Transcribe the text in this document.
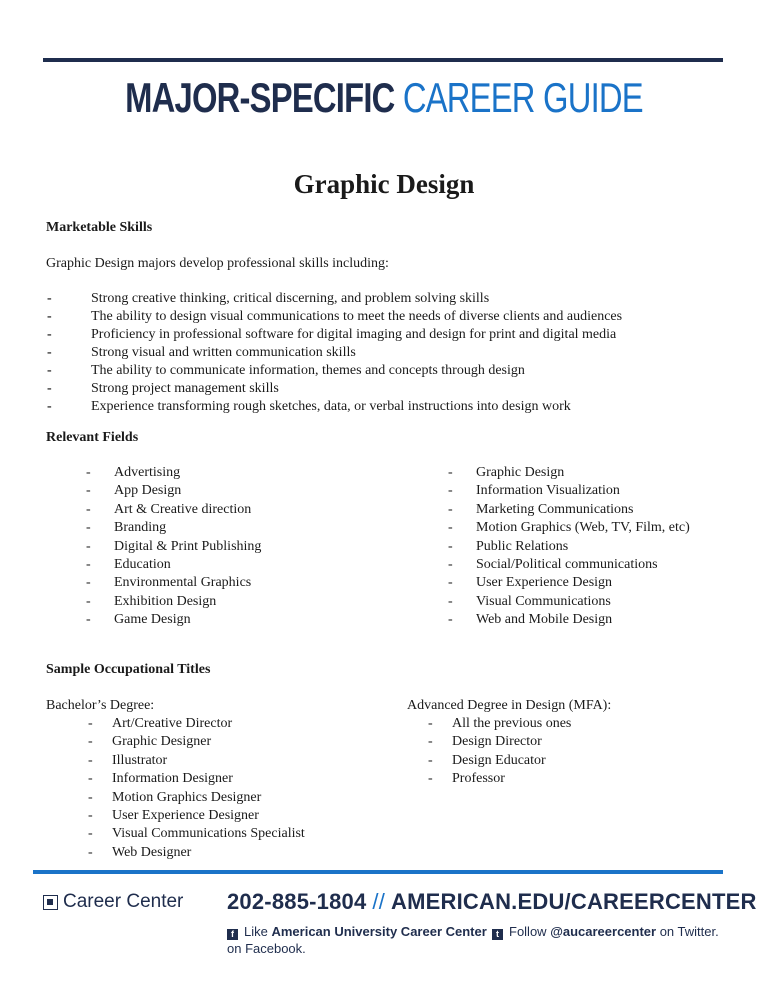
MAJOR-SPECIFIC CAREER GUIDE
Graphic Design
Marketable Skills
Graphic Design majors develop professional skills including:
- Strong creative thinking, critical discerning, and problem solving skills
- The ability to design visual communications to meet the needs of diverse clients and audiences
- Proficiency in professional software for digital imaging and design for print and digital media
- Strong visual and written communication skills
- The ability to communicate information, themes and concepts through design
- Strong project management skills
- Experience transforming rough sketches, data, or verbal instructions into design work
Relevant Fields
- Advertising
- App Design
- Art & Creative direction
- Branding
- Digital & Print Publishing
- Education
- Environmental Graphics
- Exhibition Design
- Game Design
- Graphic Design
- Information Visualization
- Marketing Communications
- Motion Graphics (Web, TV, Film, etc)
- Public Relations
- Social/Political communications
- User Experience Design
- Visual Communications
- Web and Mobile Design
Sample Occupational Titles
Bachelor’s Degree:
- Art/Creative Director
- Graphic Designer
- Illustrator
- Information Designer
- Motion Graphics Designer
- User Experience Designer
- Visual Communications Specialist
- Web Designer
Advanced Degree in Design (MFA):
- All the previous ones
- Design Director
- Design Educator
- Professor
Career Center 202-885-1804 // AMERICAN.EDU/CAREERCENTER
f Like American University Career Center
on Facebook.
t Follow @aucareercenter on Twitter.
